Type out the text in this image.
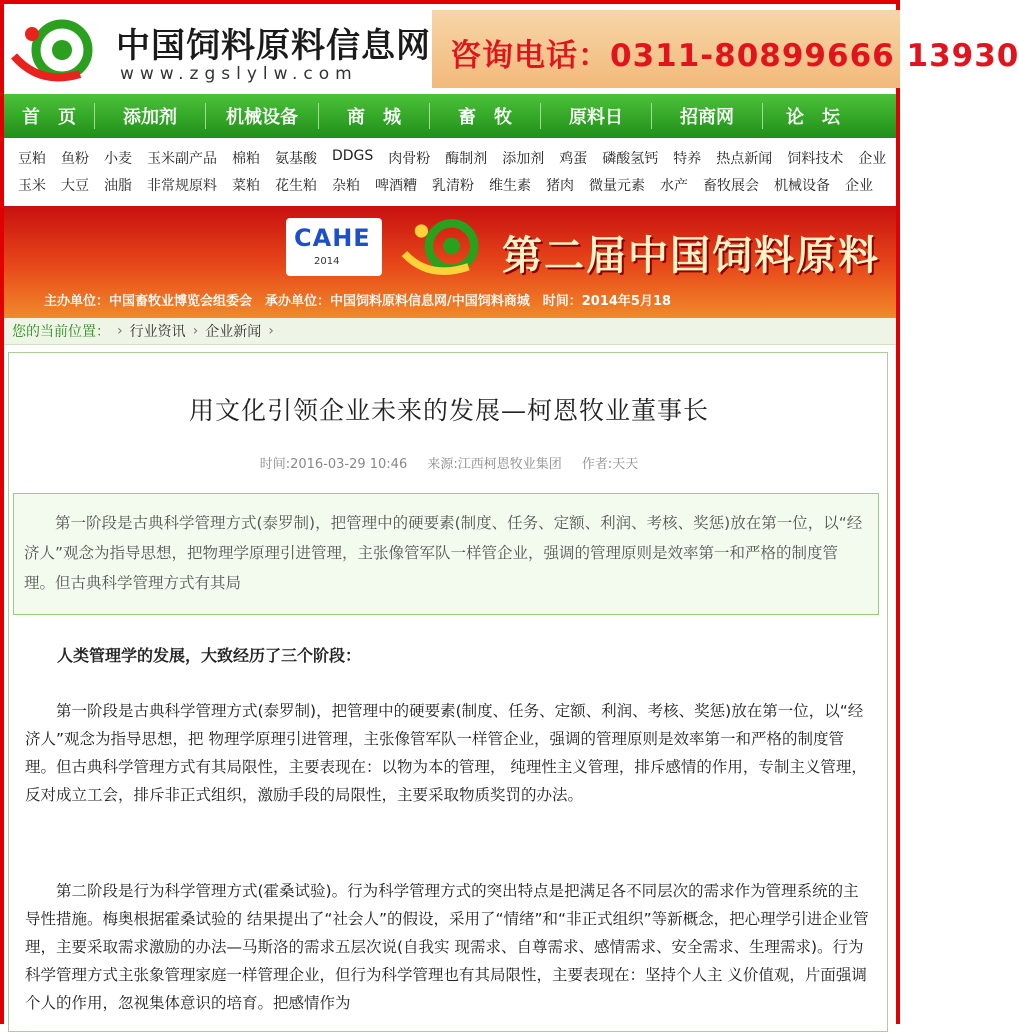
中国饲料原料信息网
www.zgslylw.com	咨询电话：0311-80899666 13930
首　页	添加剂	机械设备	商　城	畜　牧	原料日	招商网	论　坛
豆粕 鱼粉 小麦 玉米副产品 棉粕 氨基酸 DDGS 肉骨粉 酶制剂 添加剂 鸡蛋 磷酸氢钙 特养 热点新闻 饲料技术 企业
玉米 大豆 油脂 非常规原料 菜粕 花生粕 杂粕 啤酒糟 乳清粉 维生素 猪肉 微量元素 水产 畜牧展会 机械设备 企业
CAHE
2014	第二届中国饲料原料
主办单位：中国畜牧业博览会组委会　承办单位：中国饲料原料信息网/中国饲料商城　时间：2014年5月18
您的当前位置： › 行业资讯 › 企业新闻 ›
用文化引领企业未来的发展—柯恩牧业董事长
时间:2016-03-29 10:46 来源:江西柯恩牧业集团 作者:天天
第一阶段是古典科学管理方式(泰罗制)，把管理中的硬要素(制度、任务、定额、利润、考核、奖惩)放在第一位，以“经济人”观念为指导思想，把物理学原理引进管理，主张像管军队一样管企业，强调的管理原则是效率第一和严格的制度管理。但古典科学管理方式有其局
人类管理学的发展，大致经历了三个阶段：
第一阶段是古典科学管理方式(泰罗制)，把管理中的硬要素(制度、任务、定额、利润、考核、奖惩)放在第一位，以“经济人”观念为指导思想，把 物理学原理引进管理，主张像管军队一样管企业，强调的管理原则是效率第一和严格的制度管理。但古典科学管理方式有其局限性，主要表现在：以物为本的管理， 纯理性主义管理，排斥感情的作用，专制主义管理，反对成立工会，排斥非正式组织，激励手段的局限性，主要采取物质奖罚的办法。
第二阶段是行为科学管理方式(霍桑试验)。行为科学管理方式的突出特点是把满足各不同层次的需求作为管理系统的主导性措施。梅奥根据霍桑试验的 结果提出了“社会人”的假设，采用了“情绪”和“非正式组织”等新概念，把心理学引进企业管理，主要采取需求激励的办法—马斯洛的需求五层次说(自我实 现需求、自尊需求、感情需求、安全需求、生理需求)。行为科学管理方式主张象管理家庭一样管理企业，但行为科学管理也有其局限性，主要表现在：坚持个人主 义价值观，片面强调个人的作用，忽视集体意识的培育。把感情作为
